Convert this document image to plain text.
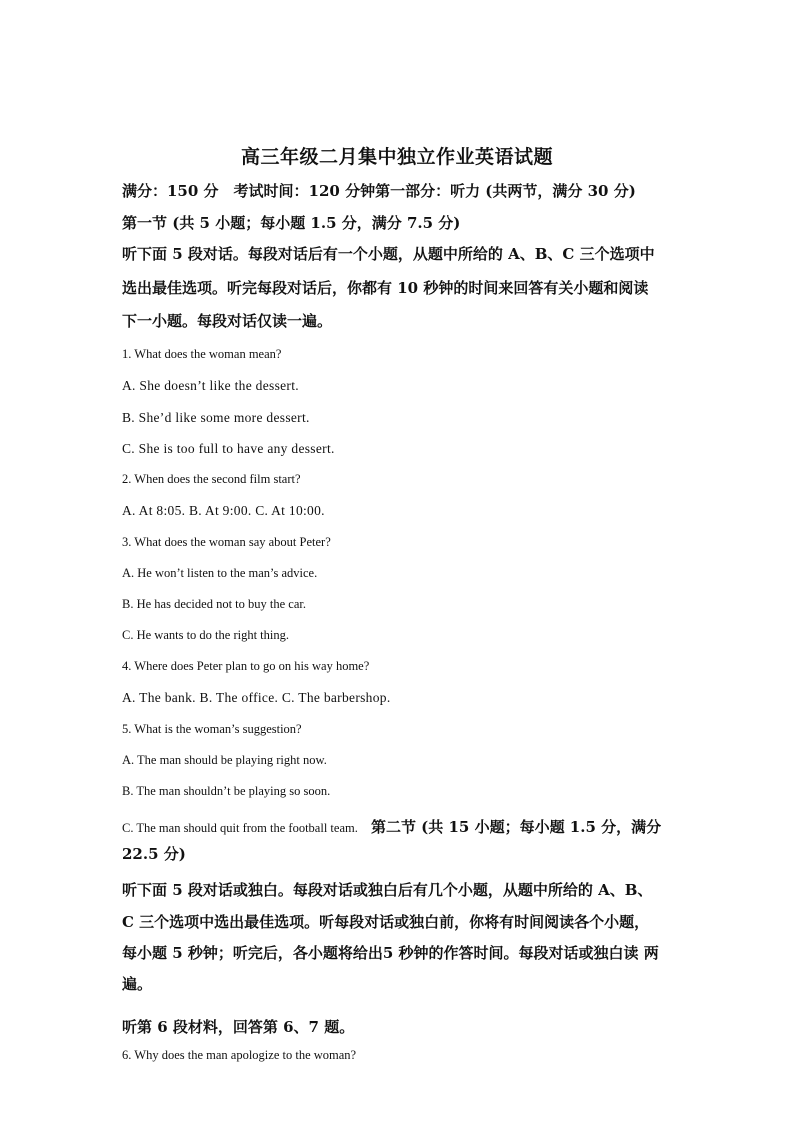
高三年级二月集中独立作业英语试题
满分：150 分　考试时间：120 分钟第一部分：听力 (共两节，满分 30 分)
第一节 (共 5 小题；每小题 1.5 分，满分 7.5 分)
听下面 5 段对话。每段对话后有一个小题，从题中所给的 A、B、C 三个选项中
选出最佳选项。听完每段对话后，你都有 10 秒钟的时间来回答有关小题和阅读
下一小题。每段对话仅读一遍。
1. What does the woman mean?
A. She doesn’t like the dessert.
B. She’d like some more dessert.
C. She is too full to have any dessert.
2. When does the second film start?
A. At 8:05. B. At 9:00. C. At 10:00.
3. What does the woman say about Peter?
A. He won’t listen to the man’s advice.
B. He has decided not to buy the car.
C. He wants to do the right thing.
4. Where does Peter plan to go on his way home?
A. The bank. B. The office. C. The barbershop.
5. What is the woman’s suggestion?
A. The man should be playing right now.
B. The man shouldn’t be playing so soon.
C. The man should quit from the football team. 第二节 (共 15 小题；每小题 1.5 分，满分
22.5 分)
听下面 5 段对话或独白。每段对话或独白后有几个小题，从题中所给的 A、B、
C 三个选项中选出最佳选项。听每段对话或独白前，你将有时间阅读各个小题，
每小题 5 秒钟；听完后，各小题将给出5 秒钟的作答时间。每段对话或独白读 两
遍。
听第 6 段材料，回答第 6、7 题。
6. Why does the man apologize to the woman?
